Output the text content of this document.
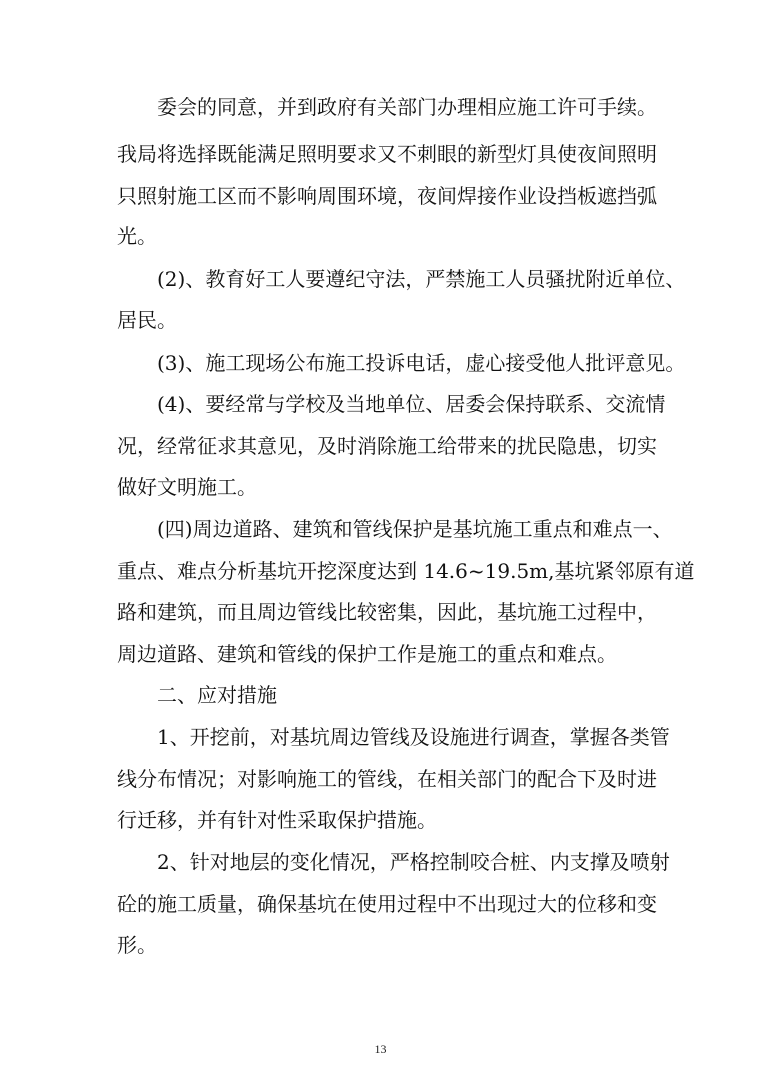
委会的同意，并到政府有关部门办理相应施工许可手续。

我局将选择既能满足照明要求又不刺眼的新型灯具使夜间照明

只照射施工区而不影响周围环境，夜间焊接作业设挡板遮挡弧

光。

(2)、教育好工人要遵纪守法，严禁施工人员骚扰附近单位、

居民。

(3)、施工现场公布施工投诉电话，虚心接受他人批评意见。

(4)、要经常与学校及当地单位、居委会保持联系、交流情

况，经常征求其意见，及时消除施工给带来的扰民隐患，切实

做好文明施工。

(四)周边道路、建筑和管线保护是基坑施工重点和难点一、

重点、难点分析基坑开挖深度达到 14.6~19.5m,基坑紧邻原有道

路和建筑，而且周边管线比较密集，因此，基坑施工过程中，

周边道路、建筑和管线的保护工作是施工的重点和难点。

二、应对措施

1、开挖前，对基坑周边管线及设施进行调查，掌握各类管

线分布情况；对影响施工的管线，在相关部门的配合下及时进

行迁移，并有针对性采取保护措施。

2、针对地层的变化情况，严格控制咬合桩、内支撑及喷射

砼的施工质量，确保基坑在使用过程中不出现过大的位移和变

形。

13
